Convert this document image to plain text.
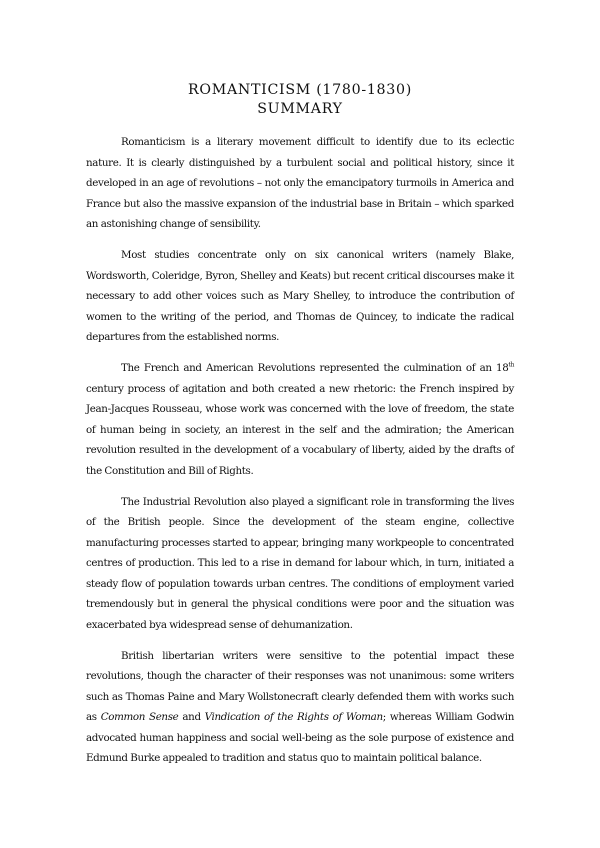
ROMANTICISM (1780-1830)
SUMMARY

Romanticism is a literary movement difficult to identify due to its eclectic nature. It is clearly distinguished by a turbulent social and political history, since it developed in an age of revolutions – not only the emancipatory turmoils in America and France but also the massive expansion of the industrial base in Britain – which sparked an astonishing change of sensibility.

Most studies concentrate only on six canonical writers (namely Blake, Wordsworth, Coleridge, Byron, Shelley and Keats) but recent critical discourses make it necessary to add other voices such as Mary Shelley, to introduce the contribution of women to the writing of the period, and Thomas de Quincey, to indicate the radical departures from the established norms.

The French and American Revolutions represented the culmination of an 18th century process of agitation and both created a new rhetoric: the French inspired by Jean-Jacques Rousseau, whose work was concerned with the love of freedom, the state of human being in society, an interest in the self and the admiration; the American revolution resulted in the development of a vocabulary of liberty, aided by the drafts of the Constitution and Bill of Rights.

The Industrial Revolution also played a significant role in transforming the lives of the British people. Since the development of the steam engine, collective manufacturing processes started to appear, bringing many workpeople to concentrated centres of production. This led to a rise in demand for labour which, in turn, initiated a steady flow of population towards urban centres. The conditions of employment varied tremendously but in general the physical conditions were poor and the situation was exacerbated bya widespread sense of dehumanization.

British libertarian writers were sensitive to the potential impact these revolutions, though the character of their responses was not unanimous: some writers such as Thomas Paine and Mary Wollstonecraft clearly defended them with works such as Common Sense and Vindication of the Rights of Woman; whereas William Godwin advocated human happiness and social well-being as the sole purpose of existence and Edmund Burke appealed to tradition and status quo to maintain political balance.
